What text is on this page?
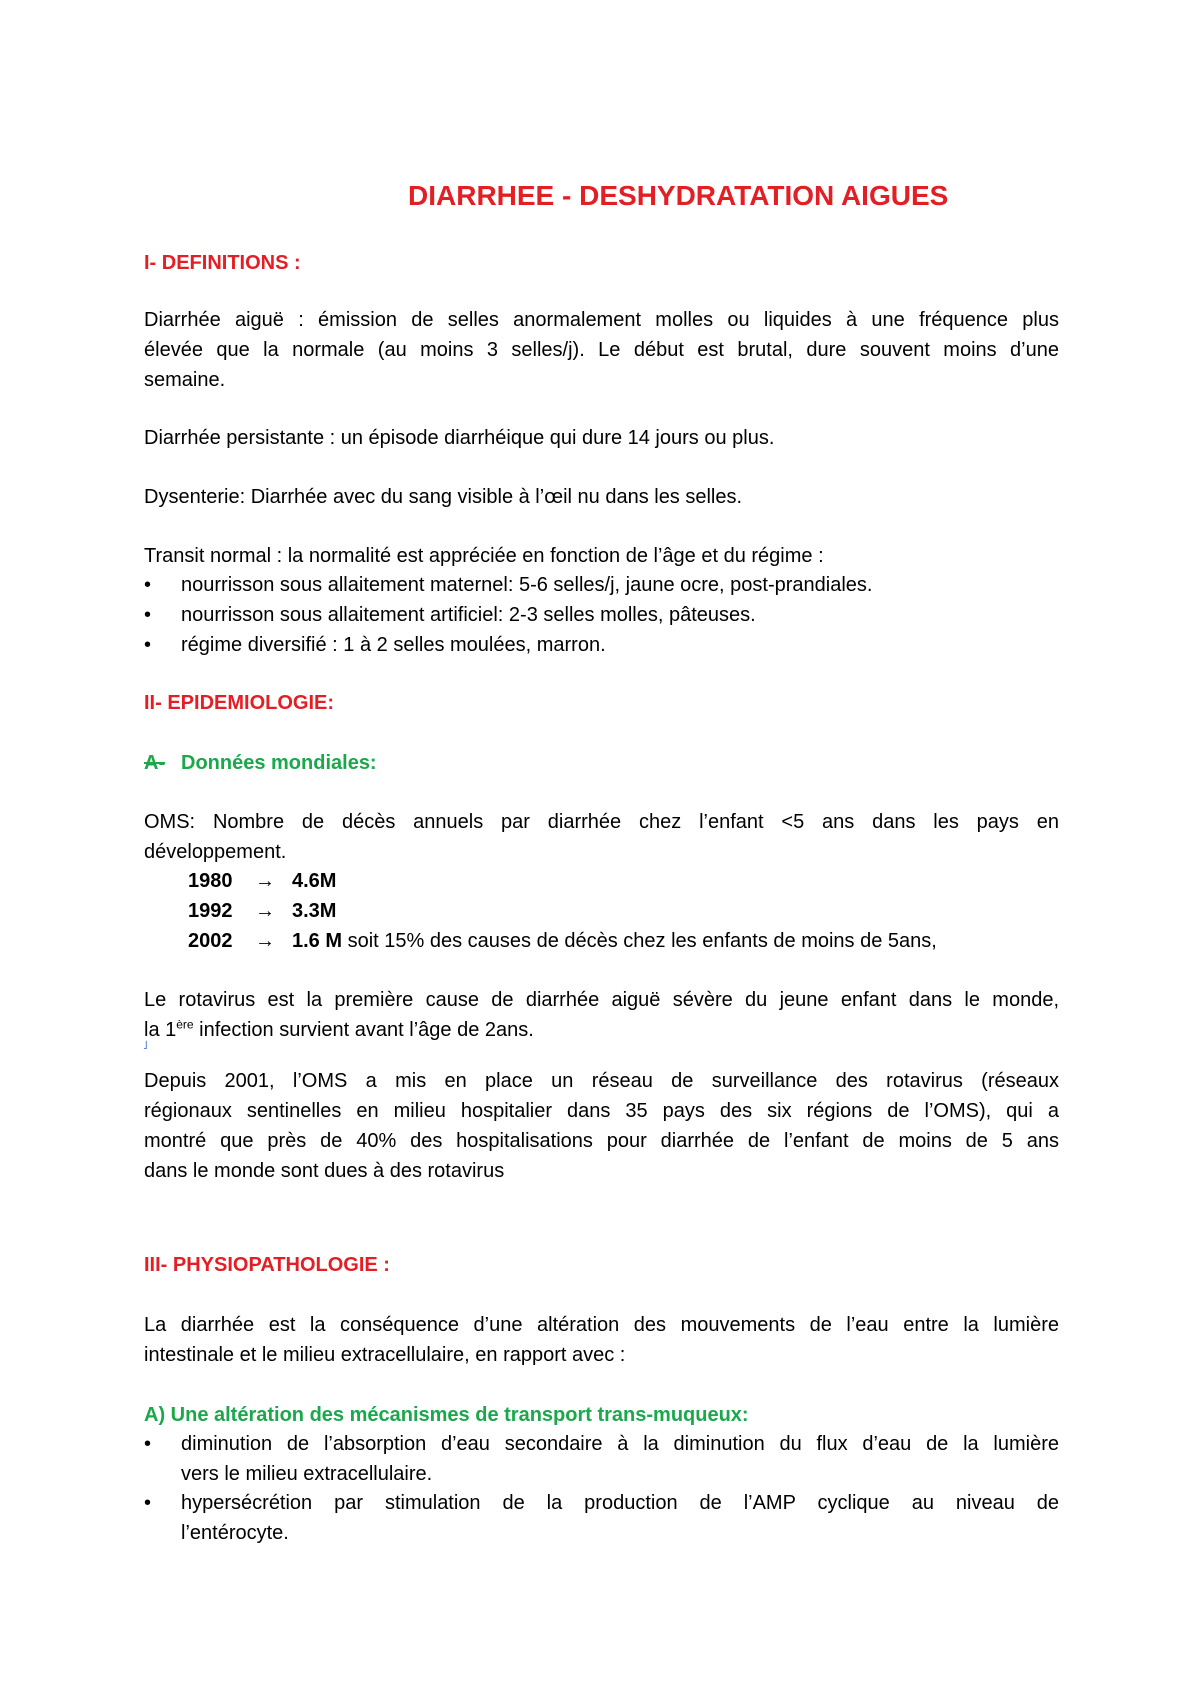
DIARRHEE - DESHYDRATATION AIGUES
I- DEFINITIONS :
Diarrhée aiguë : émission de selles anormalement molles ou liquides à une fréquence plus
élevée que la normale (au moins 3 selles/j). Le début est brutal, dure souvent moins d’une
semaine.
Diarrhée persistante : un épisode diarrhéique qui dure 14 jours ou plus.
Dysenterie: Diarrhée avec du sang visible à l’œil nu dans les selles.
Transit normal : la normalité est appréciée en fonction de l’âge et du régime :
• nourrisson sous allaitement maternel: 5-6 selles/j, jaune ocre, post-prandiales.
• nourrisson sous allaitement artificiel: 2-3 selles molles, pâteuses.
• régime diversifié : 1 à 2 selles moulées, marron.
II- EPIDEMIOLOGIE:
A- Données mondiales:
OMS: Nombre de décès annuels par diarrhée chez l’enfant <5 ans dans les pays en
développement.
1980 → 4.6M
1992 → 3.3M
2002 → 1.6 M soit 15% des causes de décès chez les enfants de moins de 5ans,
Le rotavirus est la première cause de diarrhée aiguë sévère du jeune enfant dans le monde,
la 1ère infection survient avant l’âge de 2ans.
˩
Depuis 2001, l’OMS a mis en place un réseau de surveillance des rotavirus (réseaux
régionaux sentinelles en milieu hospitalier dans 35 pays des six régions de l’OMS), qui a
montré que près de 40% des hospitalisations pour diarrhée de l’enfant de moins de 5 ans
dans le monde sont dues à des rotavirus
III- PHYSIOPATHOLOGIE :
La diarrhée est la conséquence d’une altération des mouvements de l’eau entre la lumière
intestinale et le milieu extracellulaire, en rapport avec :
A) Une altération des mécanismes de transport trans-muqueux:
• diminution de l’absorption d’eau secondaire à la diminution du flux d’eau de la lumière
vers le milieu extracellulaire.
• hypersécrétion par stimulation de la production de l’AMP cyclique au niveau de
l’entérocyte.
